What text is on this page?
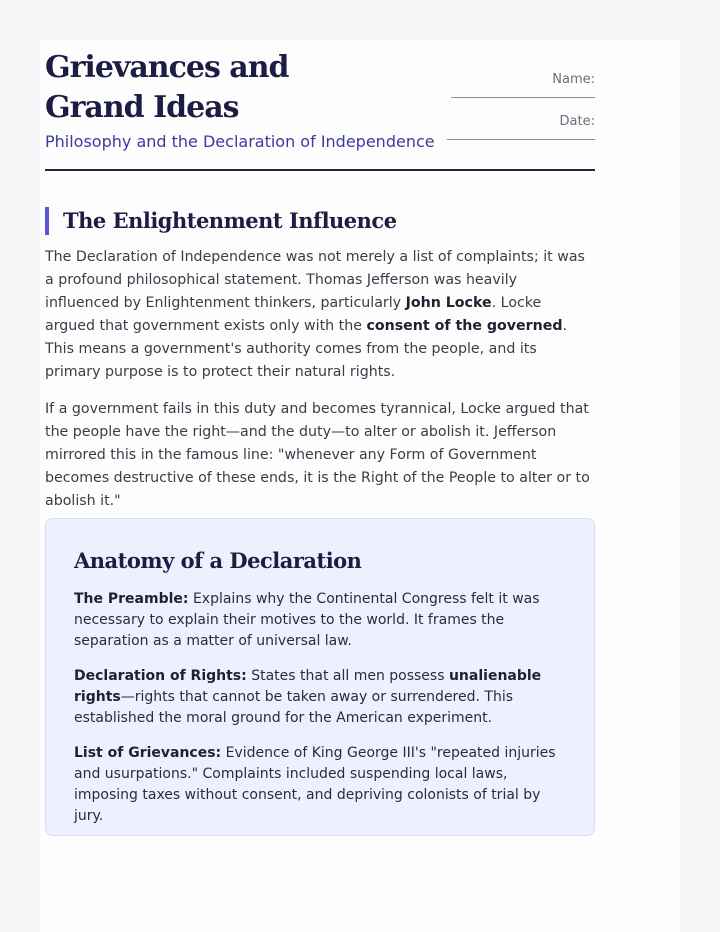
Grievances and Grand Ideas
Philosophy and the Declaration of Independence
Name:
Date:
The Enlightenment Influence

The Declaration of Independence was not merely a list of complaints; it was a profound philosophical statement. Thomas Jefferson was heavily influenced by Enlightenment thinkers, particularly John Locke. Locke argued that government exists only with the consent of the governed. This means a government's authority comes from the people, and its primary purpose is to protect their natural rights.

If a government fails in this duty and becomes tyrannical, Locke argued that the people have the right—and the duty—to alter or abolish it. Jefferson mirrored this in the famous line: "whenever any Form of Government becomes destructive of these ends, it is the Right of the People to alter or to abolish it."

Anatomy of a Declaration

The Preamble: Explains why the Continental Congress felt it was necessary to explain their motives to the world. It frames the separation as a matter of universal law.

Declaration of Rights: States that all men possess unalienable rights—rights that cannot be taken away or surrendered. This established the moral ground for the American experiment.

List of Grievances: Evidence of King George III's "repeated injuries and usurpations." Complaints included suspending local laws, imposing taxes without consent, and depriving colonists of trial by jury.
